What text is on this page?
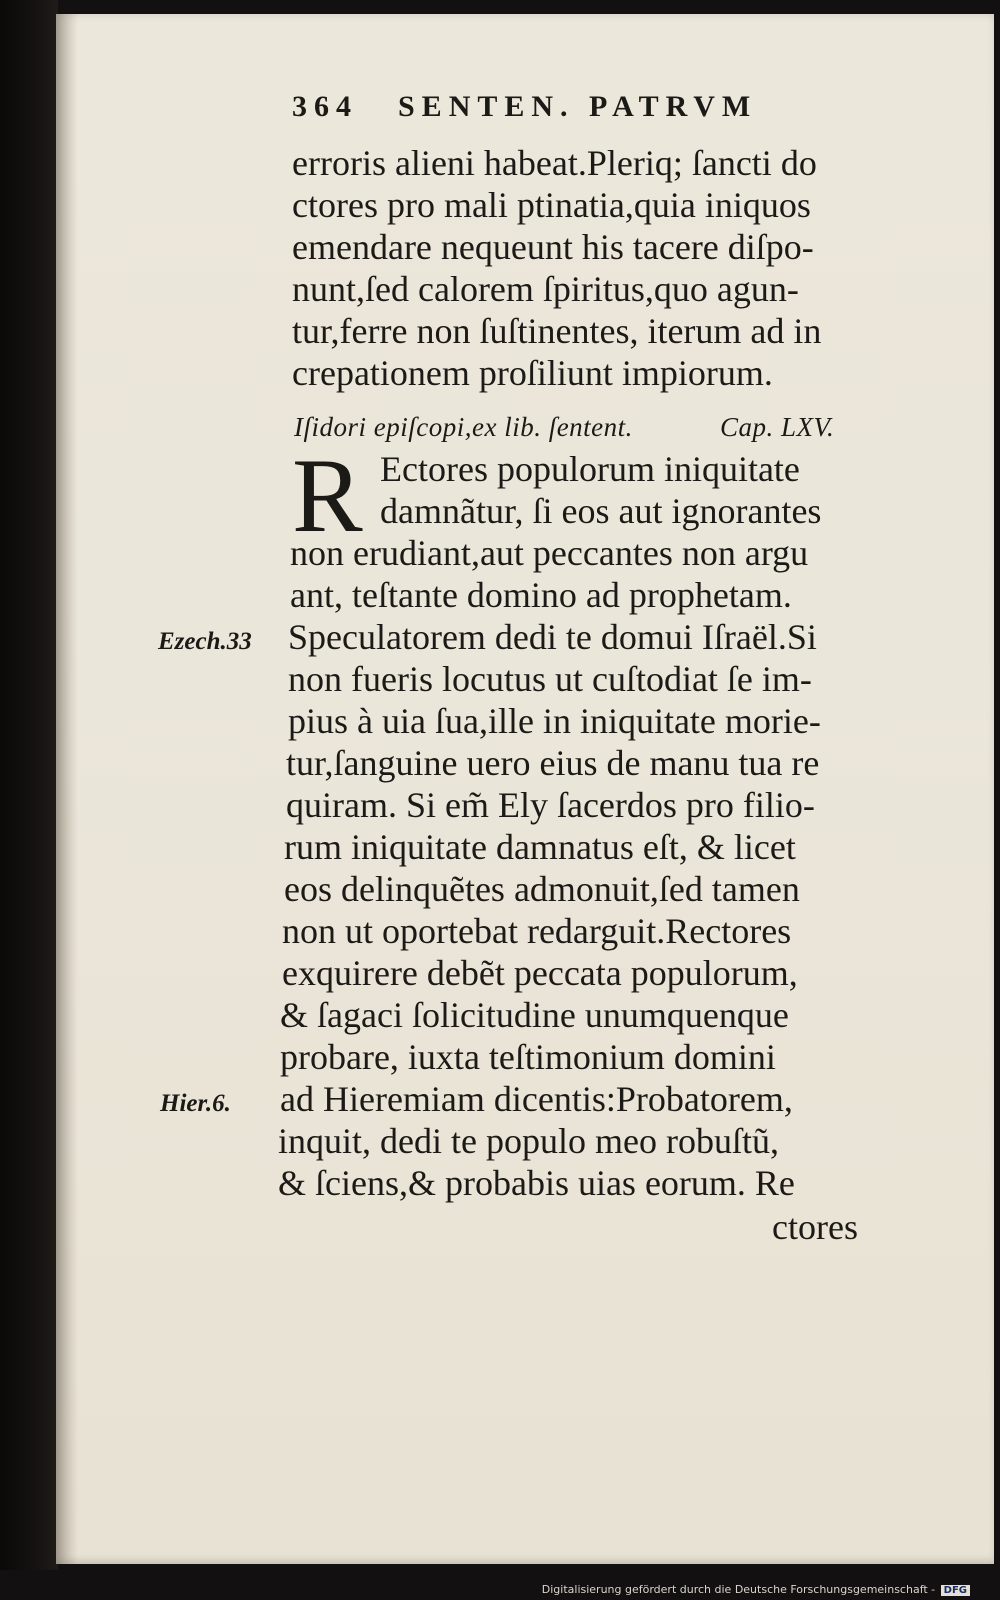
364 SENTEN. PATRVM

erroris alieni habeat.Pleriq; ſancti do

ctores pro mali ptinatia,quia iniquos

emendare nequeunt his tacere diſpo-

nunt,ſed calorem ſpiritus,quo agun-

tur,ferre non ſuſtinentes, iterum ad in

crepationem proſiliunt impiorum.

Iſidori epiſcopi,ex lib. ſentent.	Cap. LXV.

R Ectores populorum iniquitate

damnãtur, ſi eos aut ignorantes

non erudiant,aut peccantes non argu

ant, teſtante domino ad prophetam.

Speculatorem dedi te domui Iſraël.Si

non fueris locutus ut cuſtodiat ſe im-

pius à uia ſua,ille in iniquitate morie-

tur,ſanguine uero eius de manu tua re

quiram. Si em̃ Ely ſacerdos pro filio-

rum iniquitate damnatus eſt, & licet

eos delinquẽtes admonuit,ſed tamen

non ut oportebat redarguit.Rectores

exquirere debẽt peccata populorum,

& ſagaci ſolicitudine unumquenque

probare, iuxta teſtimonium domini

ad Hieremiam dicentis:Probatorem,

inquit, dedi te populo meo robuſtũ,

& ſciens,& probabis uias eorum. Re

ctores

Ezech.33

Hier.6.

Digitalisierung gefördert durch die Deutsche Forschungsgemeinschaft - DFG
